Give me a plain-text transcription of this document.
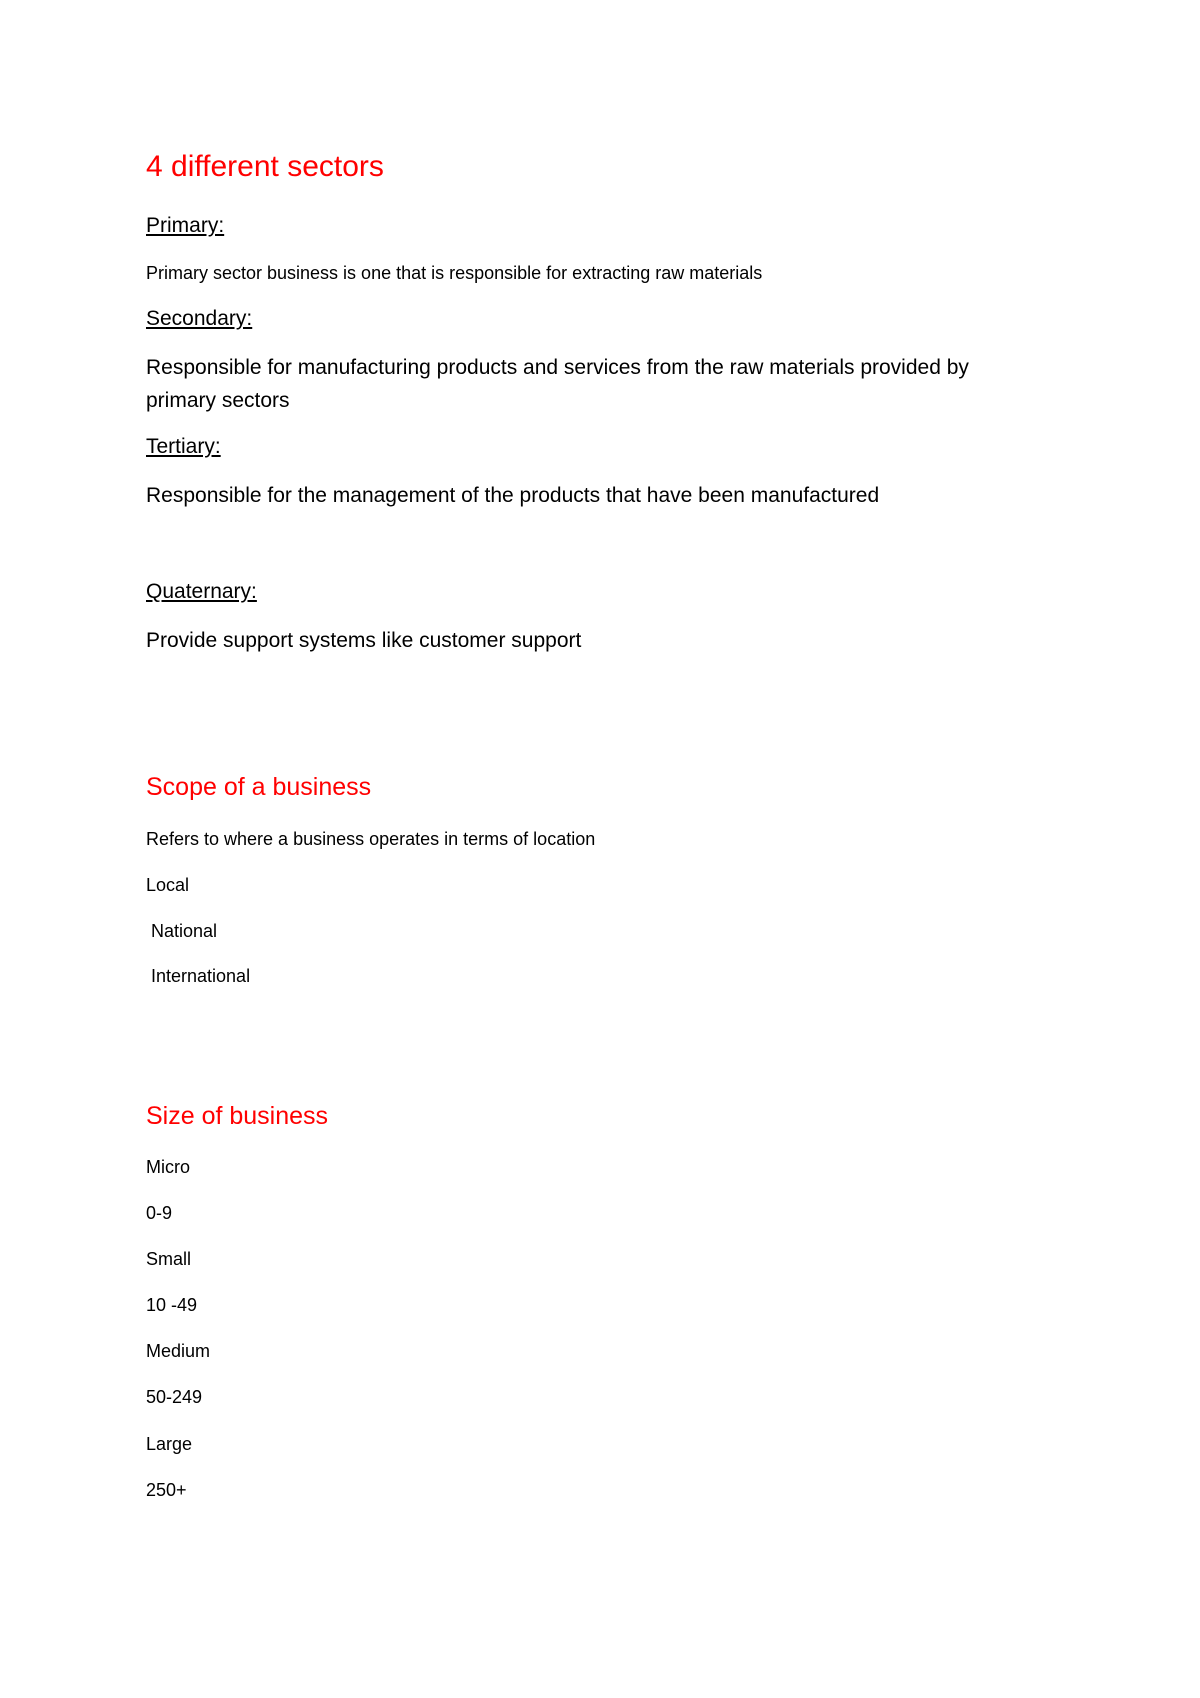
4 different sectors
Primary:
Primary sector business is one that is responsible for extracting raw materials
Secondary:
Responsible for manufacturing products and services from the raw materials provided by
primary sectors
Tertiary:
Responsible for the management of the products that have been manufactured
Quaternary:
Provide support systems like customer support
Scope of a business
Refers to where a business operates in terms of location
Local
National
International
Size of business
Micro
0-9
Small
10 -49
Medium
50-249
Large
250+
